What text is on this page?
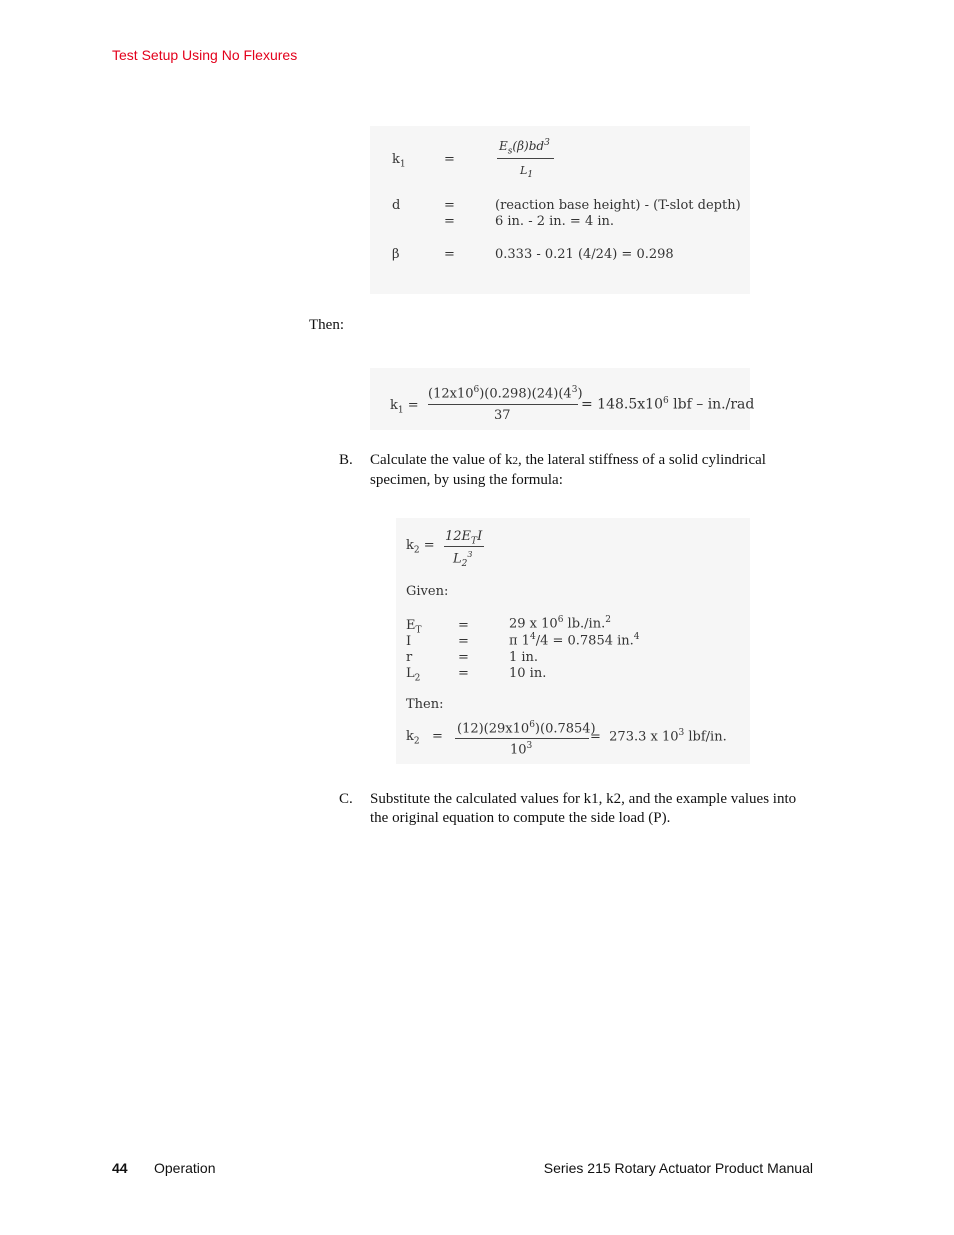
Test Setup Using No Flexures
$k_1$	=
$E_s(\beta)bd^3$
$L_1$
d	=	(reaction base height) - (T-slot depth)
=	6 in. - 2 in. = 4 in.
β	=	0.333 - 0.21 (4/24) = 0.298
Then:
$k_1$ =
$(12x10^6)(0.298)(24)(4^3)$
37
= $148.5x10^6$ lbf – in./rad
B. Calculate the value of k2, the lateral stiffness of a solid cylindrical
specimen, by using the formula:
$k_2$ =
$12E_TI$
$L_2^3$
Given:
$E_T$	=	29 x $10^6$ lb./in.$^2$
I	=	π $1^4/4 = 0.7854$ in.$^4$
r	=	1 in.
$L_2$	=	10 in.
Then:
$k_2$ =
$(12)(29x10^6)(0.7854)$
$10^3$
=  273.3 x $10^3$ lbf/in.
C. Substitute the calculated values for k1, k2, and the example values into
the original equation to compute the side load (P).
44 Operation	Series 215 Rotary Actuator Product Manual
